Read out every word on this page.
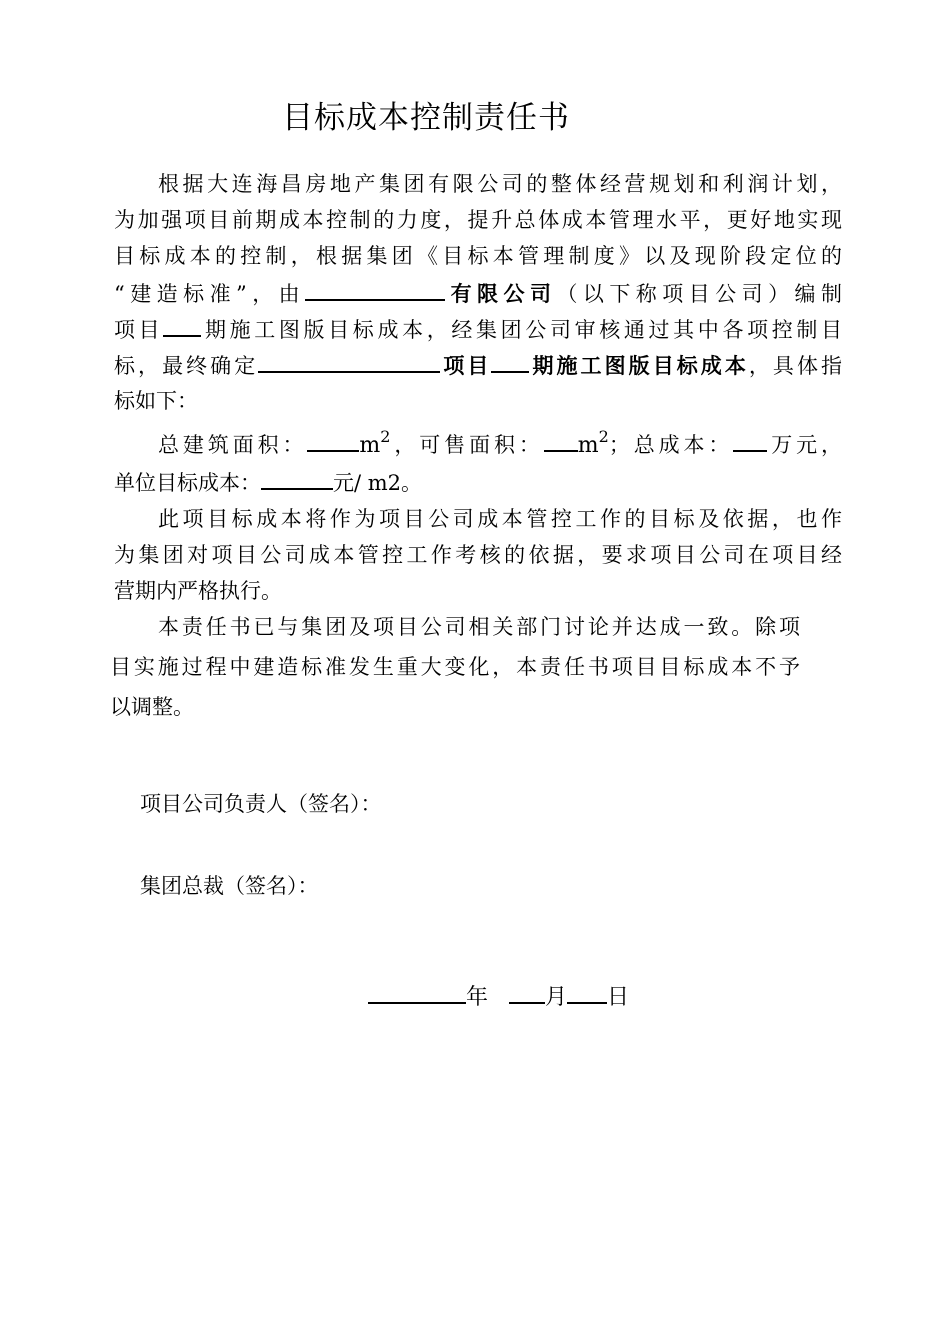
目标成本控制责任书
根据大连海昌房地产集团有限公司的整体经营规划和利润计划，
为加强项目前期成本控制的力度，提升总体成本管理水平，更好地实现
目标成本的控制，根据集团《目标本管理制度》以及现阶段定位的
“建造标准”，由	有限公司（以下称项目公司）编制
项目 期施工图版目标成本，经集团公司审核通过其中各项控制目
标，最终确定	项目 期施工图版目标成本，具体指
标如下：
总建筑面积： $m^2$，可售面积： $m^2$；总成本： 万元，
单位目标成本：	元/ m2。
此项目标成本将作为项目公司成本管控工作的目标及依据，也作
为集团对项目公司成本管控工作考核的依据，要求项目公司在项目经
营期内严格执行。
本责任书已与集团及项目公司相关部门讨论并达成一致。除项
目实施过程中建造标准发生重大变化，本责任书项目目标成本不予
以调整。
项目公司负责人（签名）：
集团总裁（签名）：
年	月 日
